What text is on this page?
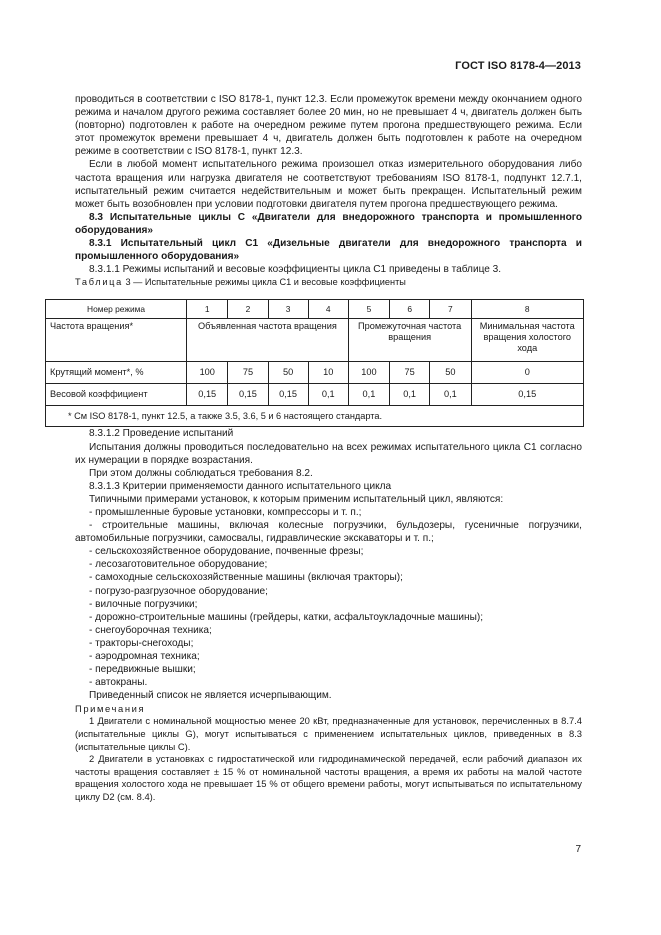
ГОСТ ISO 8178-4—2013

проводиться в соответствии с ISO 8178-1, пункт 12.3. Если промежуток времени между окончанием одного режима и началом другого режима составляет более 20 мин, но не превышает 4 ч, двигатель должен быть (повторно) подготовлен к работе на очередном режиме путем прогона предшествующего режима. Если этот промежуток времени превышает 4 ч, двигатель должен быть подготовлен к работе на очередном режиме в соответствии с ISO 8178-1, пункт 12.3.

Если в любой момент испытательного режима произошел отказ измерительного оборудования либо частота вращения или нагрузка двигателя не соответствуют требованиям ISO 8178-1, подпункт 12.7.1, испытательный режим считается недействительным и может быть прекращен. Испытательный режим может быть возобновлен при условии подготовки двигателя путем прогона предшествующего режима.

8.3 Испытательные циклы С «Двигатели для внедорожного транспорта и промышленного оборудования»

8.3.1 Испытательный цикл С1 «Дизельные двигатели для внедорожного транспорта и промышленного оборудования»

8.3.1.1 Режимы испытаний и весовые коэффициенты цикла С1 приведены в таблице 3.

Таблица 3 — Испытательные режимы цикла С1 и весовые коэффициенты

Номер режима	1	2	3	4	5	6	7	8
Частота вращения*	Объявленная частота вращения				Промежуточная частота вращения			Минимальная частота вращения холостого хода
Крутящий момент*, %	100	75	50	10	100	75	50	0
Весовой коэффициент	0,15	0,15	0,15	0,1	0,1	0,1	0,1	0,15
* См ISO 8178-1, пункт 12.5, а также 3.5, 3.6, 5 и 6 настоящего стандарта.								

8.3.1.2 Проведение испытаний

Испытания должны проводиться последовательно на всех режимах испытательного цикла С1 согласно их нумерации в порядке возрастания.

При этом должны соблюдаться требования 8.2.

8.3.1.3 Критерии применяемости данного испытательного цикла

Типичными примерами установок, к которым применим испытательный цикл, являются:

- промышленные буровые установки, компрессоры и т. п.;

- строительные машины, включая колесные погрузчики, бульдозеры, гусеничные погрузчики, автомобильные погрузчики, самосвалы, гидравлические экскаваторы и т. п.;

- сельскохозяйственное оборудование, почвенные фрезы;

- лесозаготовительное оборудование;

- самоходные сельскохозяйственные машины (включая тракторы);

- погрузо-разгрузочное оборудование;

- вилочные погрузчики;

- дорожно-строительные машины (грейдеры, катки, асфальтоукладочные машины);

- снегоуборочная техника;

- тракторы-снегоходы;

- аэродромная техника;

- передвижные вышки;

- автокраны.

Приведенный список не является исчерпывающим.

Примечания

1 Двигатели с номинальной мощностью менее 20 кВт, предназначенные для установок, перечисленных в 8.7.4 (испытательные циклы G), могут испытываться с применением испытательных циклов, приведенных в 8.3 (испытательные циклы С).

2 Двигатели в установках с гидростатической или гидродинамической передачей, если рабочий диапазон их частоты вращения составляет ± 15 % от номинальной частоты вращения, а время их работы на малой частоте вращения холостого хода не превышает 15 % от общего времени работы, могут испытываться по испытательному циклу D2 (см. 8.4).

7
